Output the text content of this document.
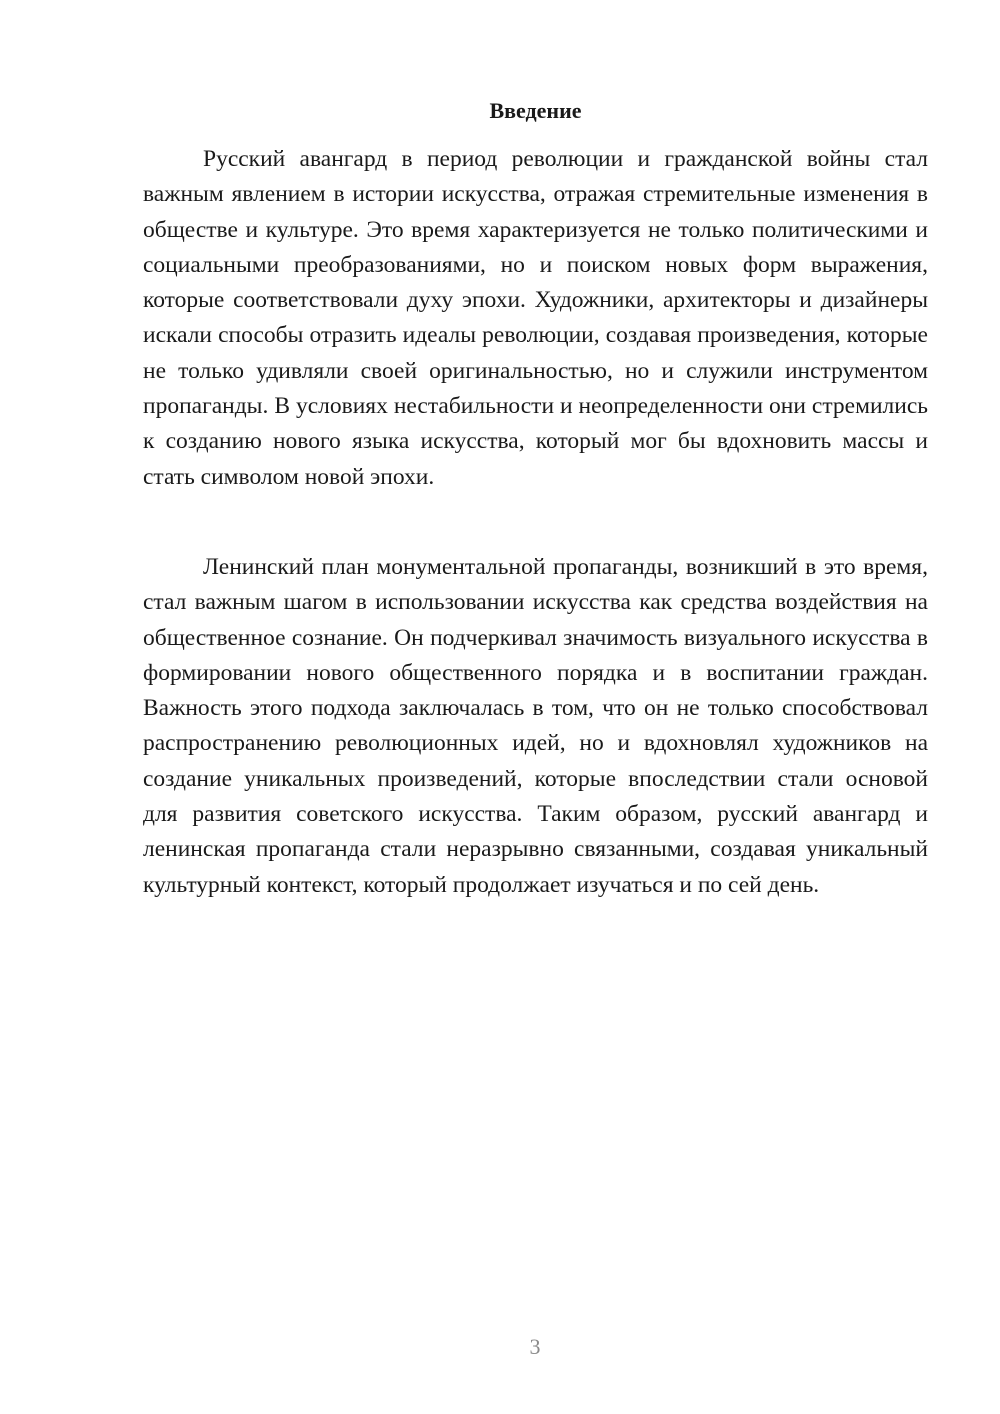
Введение

Русский авангард в период революции и гражданской войны стал важным явлением в истории искусства, отражая стремительные изменения в обществе и культуре. Это время характеризуется не только политическими и социальными преобразованиями, но и поиском новых форм выражения, которые соответствовали духу эпохи. Художники, архитекторы и дизайнеры искали способы отразить идеалы революции, создавая произведения, которые не только удивляли своей оригинальностью, но и служили инструментом пропаганды. В условиях нестабильности и неопределенности они стремились к созданию нового языка искусства, который мог бы вдохновить массы и стать символом новой эпохи.

Ленинский план монументальной пропаганды, возникший в это время, стал важным шагом в использовании искусства как средства воздействия на общественное сознание. Он подчеркивал значимость визуального искусства в формировании нового общественного порядка и в воспитании граждан. Важность этого подхода заключалась в том, что он не только способствовал распространению революционных идей, но и вдохновлял художников на создание уникальных произведений, которые впоследствии стали основой для развития советского искусства. Таким образом, русский авангард и ленинская пропаганда стали неразрывно связанными, создавая уникальный культурный контекст, который продолжает изучаться и по сей день.

3
